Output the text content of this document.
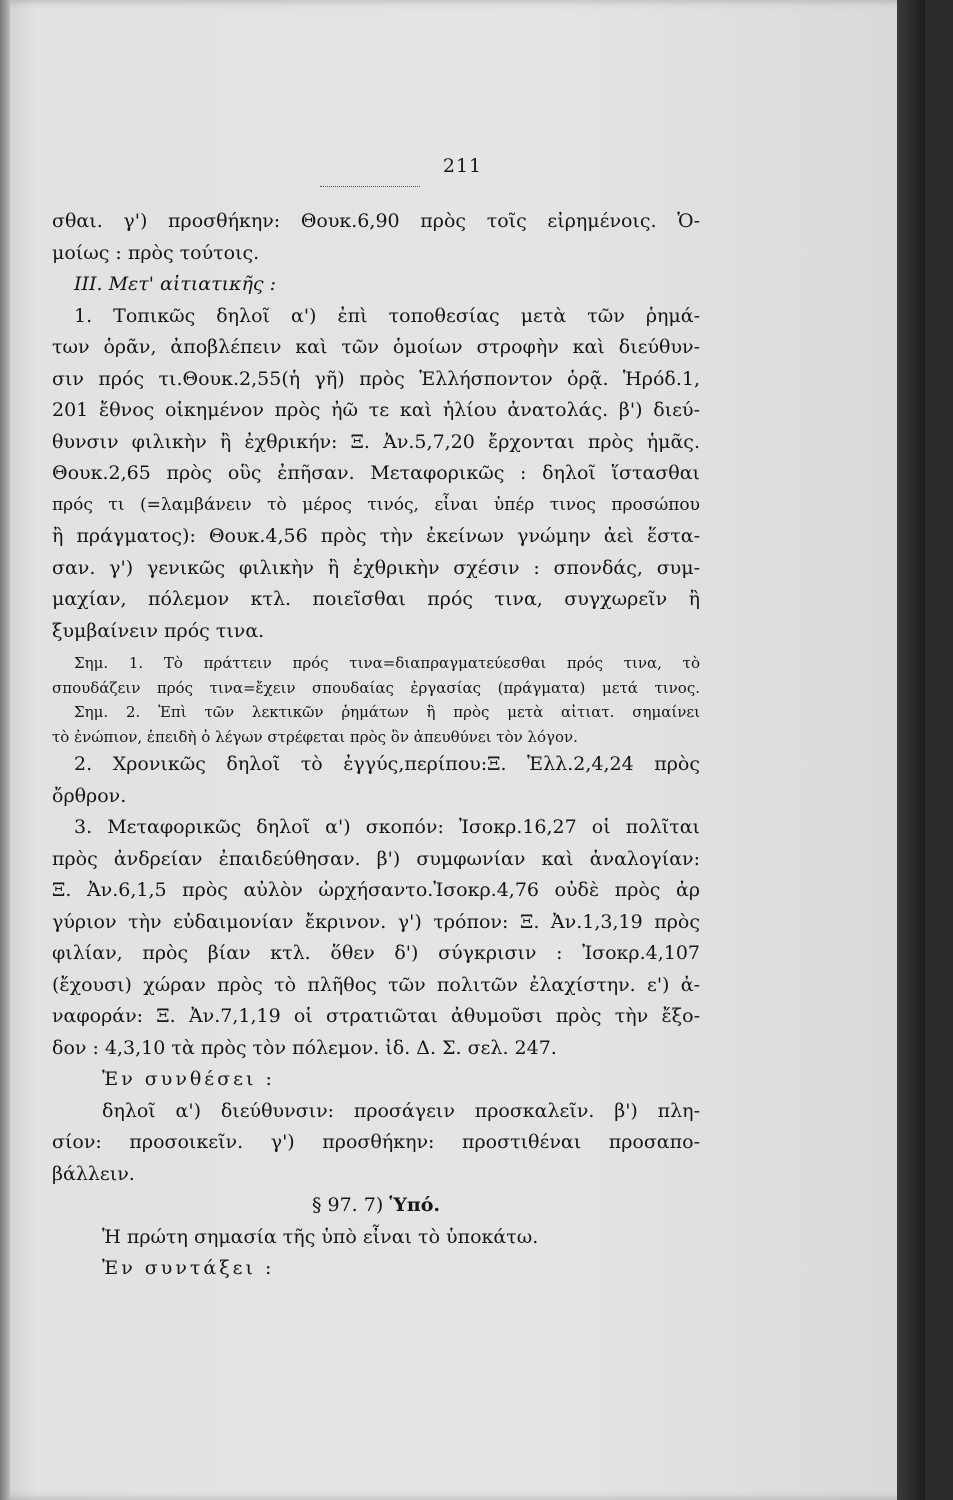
211
σθαι. γ') προσθήκην: Θουκ.6,90 πρὸς τοῖς εἰρημένοις. Ὁ-
μοίως : πρὸς τούτοις.
III. Μετ' αἰτιατικῆς :
1. Τοπικῶς δηλοῖ α') ἐπὶ τοποθεσίας μετὰ τῶν ῥημά-
των ὁρᾶν, ἀποβλέπειν καὶ τῶν ὁμοίων στροφὴν καὶ διεύθυν-
σιν πρός τι.Θουκ.2,55(ἡ γῆ) πρὸς Ἑλλήσποντον ὁρᾷ. Ἡρόδ.1,
201 ἔθνος οἰκημένον πρὸς ἠῶ τε καὶ ἡλίου ἀνατολάς. β') διεύ-
θυνσιν φιλικὴν ἢ ἐχθρικήν: Ξ. Ἀν.5,7,20 ἔρχονται πρὸς ἡμᾶς.
Θουκ.2,65 πρὸς οὓς ἐπῆσαν. Μεταφορικῶς : δηλοῖ ἵστασθαι
πρός τι (=λαμβάνειν τὸ μέρος τινός, εἶναι ὑπέρ τινος προσώπου
ἢ πράγματος): Θουκ.4,56 πρὸς τὴν ἐκείνων γνώμην ἀεὶ ἕστα-
σαν. γ') γενικῶς φιλικὴν ἢ ἐχθρικὴν σχέσιν : σπονδάς, συμ-
μαχίαν, πόλεμον κτλ. ποιεῖσθαι πρός τινα, συγχωρεῖν ἢ
ξυμβαίνειν πρός τινα.
Σημ. 1. Τὸ πράττειν πρός τινα=διαπραγματεύεσθαι πρός τινα, τὸ
σπουδάζειν πρός τινα=ἔχειν σπουδαίας ἐργασίας (πράγματα) μετά τινος.
Σημ. 2. Ἐπὶ τῶν λεκτικῶν ῥημάτων ἢ πρὸς μετὰ αἰτιατ. σημαίνει
τὸ ἐνώπιον, ἐπειδὴ ὁ λέγων στρέφεται πρὸς ὃν ἀπευθύνει τὸν λόγον.
2. Χρονικῶς δηλοῖ τὸ ἐγγύς,περίπου:Ξ. Ἑλλ.2,4,24 πρὸς
ὄρθρον.
3. Μεταφορικῶς δηλοῖ α') σκοπόν: Ἰσοκρ.16,27 οἱ πολῖται
πρὸς ἀνδρείαν ἐπαιδεύθησαν. β') συμφωνίαν καὶ ἀναλογίαν:
Ξ. Ἀν.6,1,5 πρὸς αὐλὸν ὠρχήσαντο.Ἰσοκρ.4,76 οὐδὲ πρὸς ἀρ
γύριον τὴν εὐδαιμονίαν ἔκρινον. γ') τρόπον: Ξ. Ἀν.1,3,19 πρὸς
φιλίαν, πρὸς βίαν κτλ. ὅθεν δ') σύγκρισιν : Ἰσοκρ.4,107
(ἔχουσι) χώραν πρὸς τὸ πλῆθος τῶν πολιτῶν ἐλαχίστην. ε') ἀ-
ναφοράν: Ξ. Ἀν.7,1,19 οἱ στρατιῶται ἀθυμοῦσι πρὸς τὴν ἔξο-
δον : 4,3,10 τὰ πρὸς τὸν πόλεμον. ἰδ. Δ. Σ. σελ. 247.
Ἐν συνθέσει :
δηλοῖ α') διεύθυνσιν: προσάγειν προσκαλεῖν. β') πλη-
σίον: προσοικεῖν. γ') προσθήκην: προστιθέναι προσαπο-
βάλλειν.
§ 97. 7) Ὑπό.
Ἡ πρώτη σημασία τῆς ὑπὸ εἶναι τὸ ὑποκάτω.
Ἐν συντάξει :
